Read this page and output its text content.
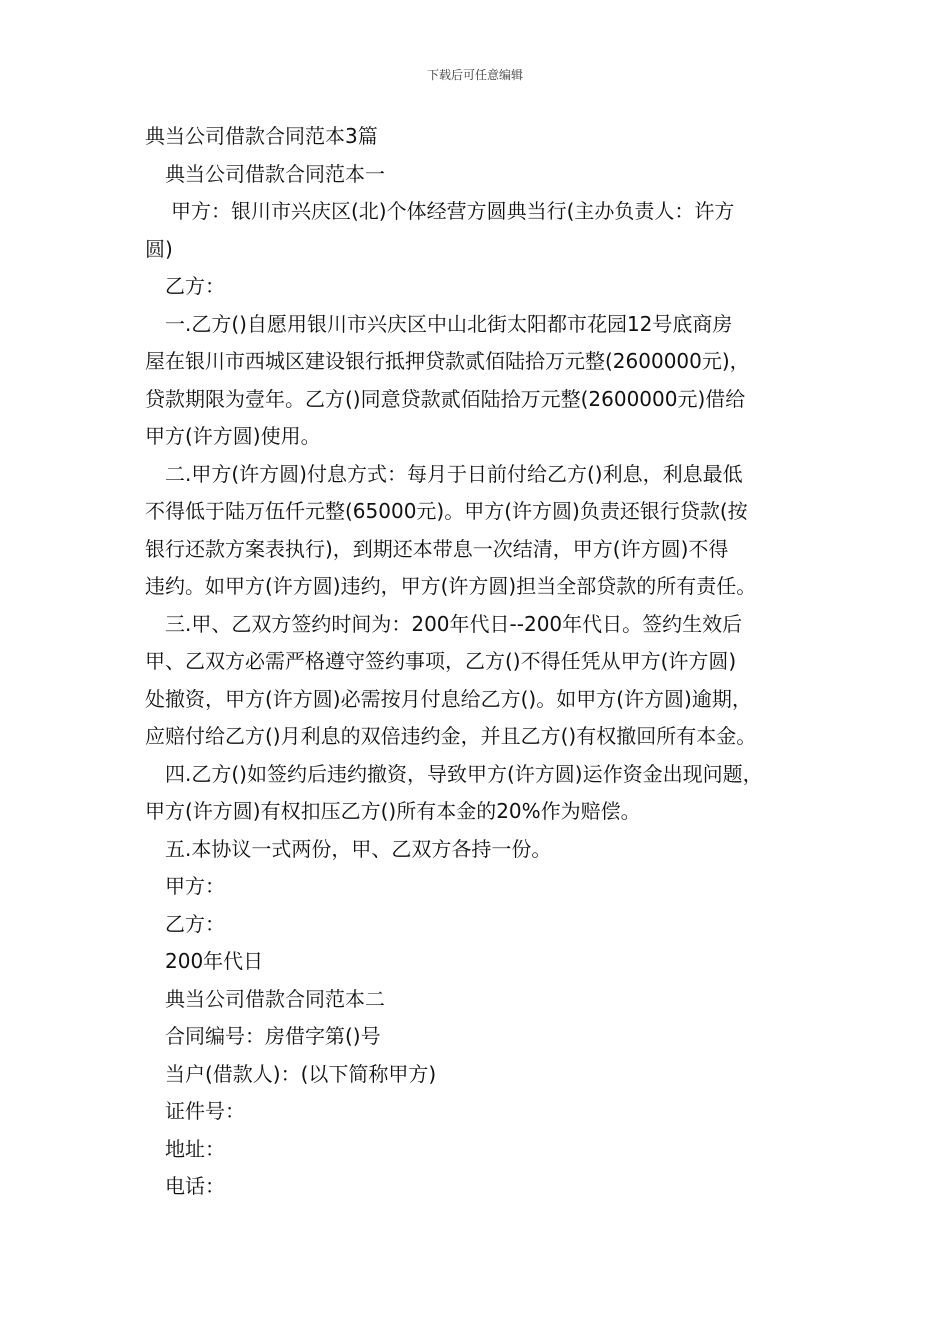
下载后可任意编辑
典当公司借款合同范本3篇
典当公司借款合同范本一
甲方：银川市兴庆区(北)个体经营方圆典当行(主办负责人：许方
圆)
乙方：
一.乙方()自愿用银川市兴庆区中山北街太阳都市花园12号底商房
屋在银川市西城区建设银行抵押贷款贰佰陆拾万元整(2600000元)，
贷款期限为壹年。乙方()同意贷款贰佰陆拾万元整(2600000元)借给
甲方(许方圆)使用。
二.甲方(许方圆)付息方式：每月于日前付给乙方()利息，利息最低
不得低于陆万伍仟元整(65000元)。甲方(许方圆)负责还银行贷款(按
银行还款方案表执行)，到期还本带息一次结清，甲方(许方圆)不得
违约。如甲方(许方圆)违约，甲方(许方圆)担当全部贷款的所有责任。
三.甲、乙双方签约时间为：200年代日--200年代日。签约生效后
甲、乙双方必需严格遵守签约事项，乙方()不得任凭从甲方(许方圆)
处撤资，甲方(许方圆)必需按月付息给乙方()。如甲方(许方圆)逾期，
应赔付给乙方()月利息的双倍违约金，并且乙方()有权撤回所有本金。
四.乙方()如签约后违约撤资，导致甲方(许方圆)运作资金出现问题，
甲方(许方圆)有权扣压乙方()所有本金的20%作为赔偿。
五.本协议一式两份，甲、乙双方各持一份。
甲方：
乙方：
200年代日
典当公司借款合同范本二
合同编号：房借字第()号
当户(借款人)：(以下简称甲方)
证件号：
地址：
电话：
